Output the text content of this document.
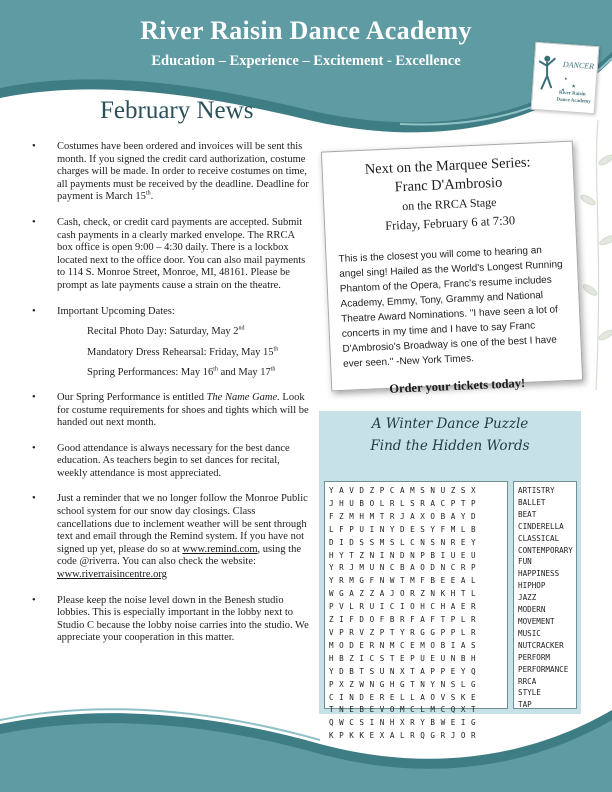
River Raisin Dance Academy
Education – Experience – Excitement - Excellence
★
★
★
DANCER
River Raisin
Dance Academy
February News
• Costumes have been ordered and invoices will be sent this month. If you signed the credit card authorization, costume charges will be made. In order to receive costumes on time, all payments must be received by the deadline. Deadline for payment is March 15th.
• Cash, check, or credit card payments are accepted. Submit cash payments in a clearly marked envelope. The RRCA box office is open 9:00 – 4:30 daily. There is a lockbox located next to the office door. You can also mail payments to 114 S. Monroe Street, Monroe, MI, 48161. Please be prompt as late payments cause a strain on the theatre.
• Important Upcoming Dates:
Recital Photo Day: Saturday, May 2nd
Mandatory Dress Rehearsal: Friday, May 15th
Spring Performances: May 16th and May 17th
• Our Spring Performance is entitled The Name Game. Look for costume requirements for shoes and tights which will be handed out next month.
• Good attendance is always necessary for the best dance education. As teachers begin to set dances for recital, weekly attendance is most appreciated.
• Just a reminder that we no longer follow the Monroe Public school system for our snow day closings. Class cancellations due to inclement weather will be sent through text and email through the Remind system. If you have not signed up yet, please do so at www.remind.com, using the code @riverra. You can also check the website: www.riverraisincentre.org
• Please keep the noise level down in the Benesh studio lobbies. This is especially important in the lobby next to Studio C because the lobby noise carries into the studio. We appreciate your cooperation in this matter.
Next on the Marquee Series:
Franc D'Ambrosio
on the RRCA Stage
Friday, February 6 at 7:30
This is the closest you will come to hearing an angel sing! Hailed as the World's Longest Running Phantom of the Opera, Franc's resume includes Academy, Emmy, Tony, Grammy and National Theatre Award Nominations. "I have seen a lot of concerts in my time and I have to say Franc D'Ambrosio's Broadway is one of the best I have ever seen." -New York Times.
Order your tickets today!
A Winter Dance Puzzle
Find the Hidden Words
Y A V D Z P C A M S N U Z S X
J H U B O L R L S R A C P T P
F Z M H M T R J A X O B A Y D
L F P U I N Y D E S Y F M L B
D I D S S M S L C N S N R E Y
H Y T Z N I N D N P B I U E U
Y R J M U N C B A O D N C R P
Y R M G F N W T M F B E E A L
W G A Z Z A J O R Z N K H T L
P V L R U I C I O H C H A E R
Z I F D O F B R F A F T P L R
V P R V Z P T Y R G G P P L R
M O D E R N M C E M O B I A S
H B Z I C S T E P U E U N B H
Y D B T S U N X T A P P E Y Q
P X Z W N G H G T N Y N S L G
C I N D E R E L L A O V S K E
T N E B E V O M C L M C Q X T
Q W C S I N H X R Y B W E I G
K P K K E X A L R Q G R J O R
ARTISTRY
BALLET
BEAT
CINDERELLA
CLASSICAL
CONTEMPORARY
FUN
HAPPINESS
HIPHOP
JAZZ
MODERN
MOVEMENT
MUSIC
NUTCRACKER
PERFORM
PERFORMANCE
RRCA
STYLE
TAP
